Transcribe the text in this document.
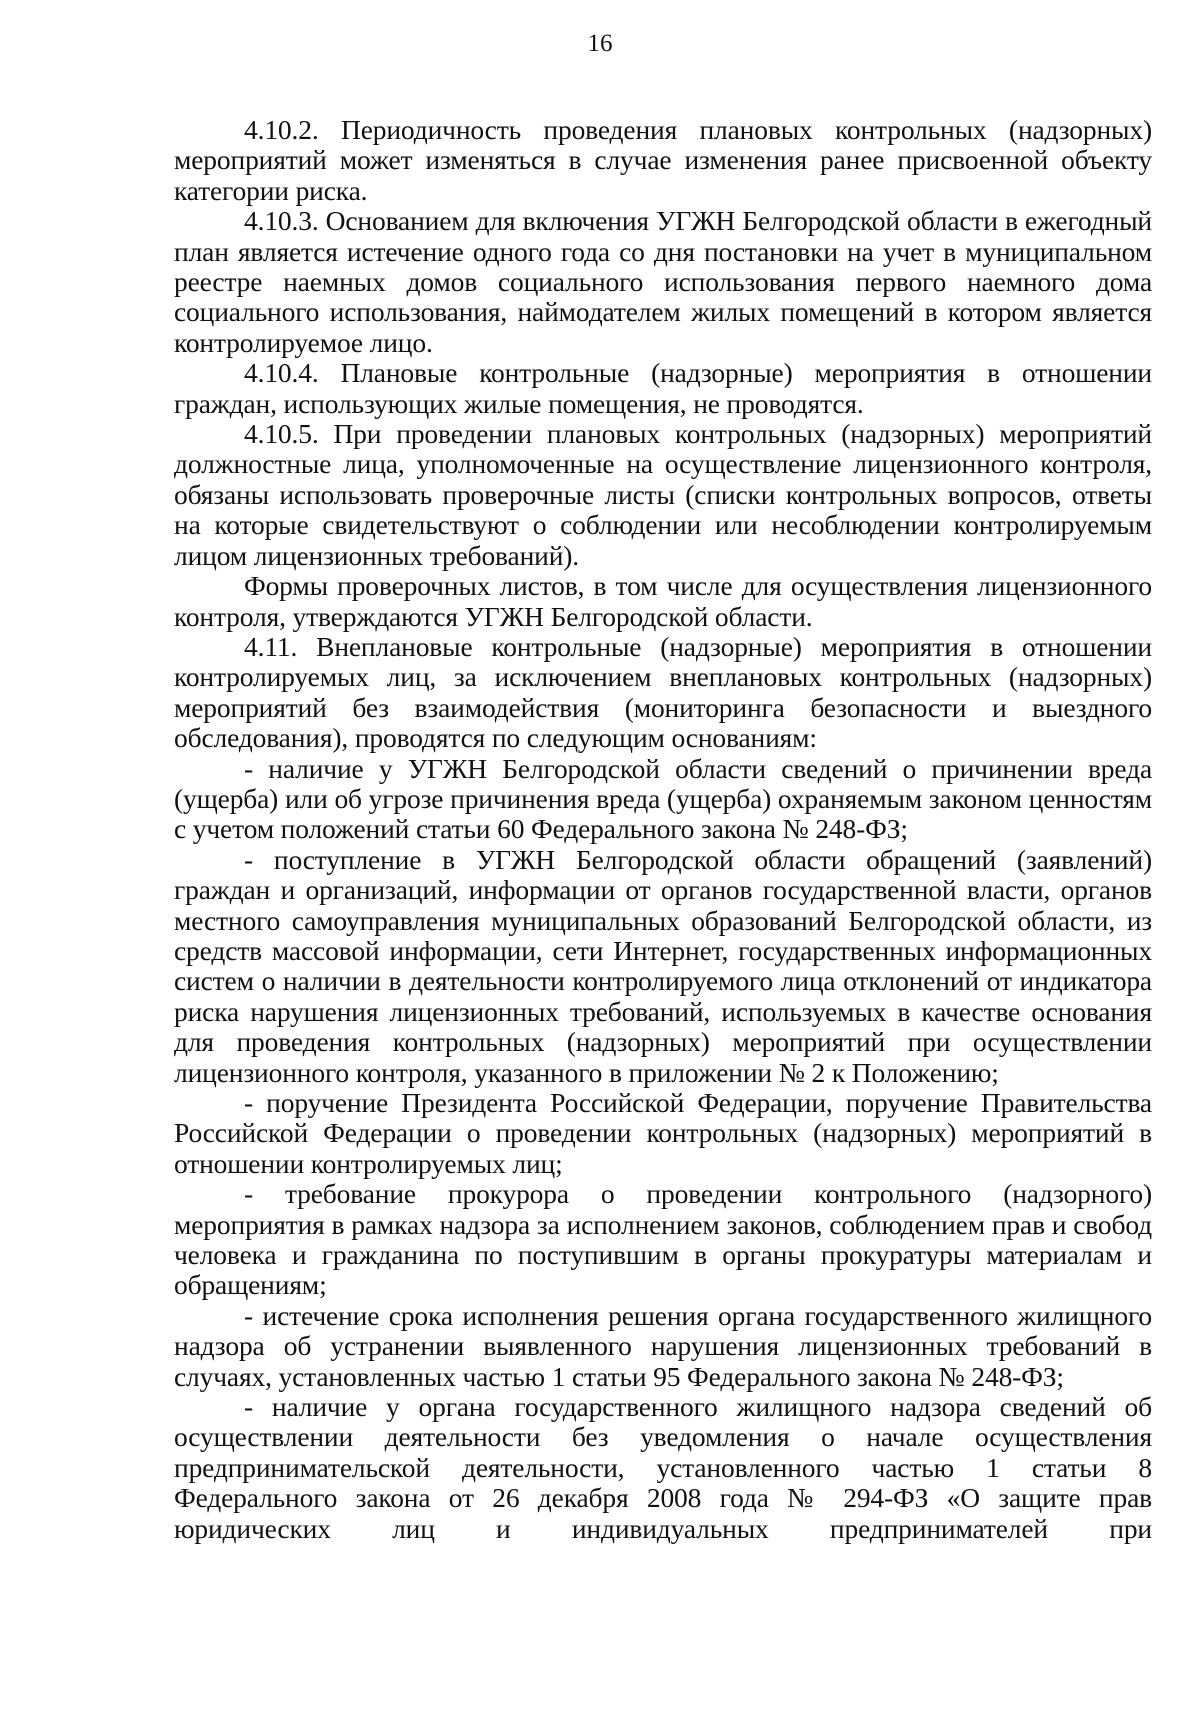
16

4.10.2. Периодичность проведения плановых контрольных (надзорных) мероприятий может изменяться в случае изменения ранее присвоенной объекту категории риска.

4.10.3. Основанием для включения УГЖН Белгородской области в ежегодный план является истечение одного года со дня постановки на учет в муниципальном реестре наемных домов социального использования первого наемного дома социального использования, наймодателем жилых помещений в котором является контролируемое лицо.

4.10.4. Плановые контрольные (надзорные) мероприятия в отношении граждан, использующих жилые помещения, не проводятся.

4.10.5. При проведении плановых контрольных (надзорных) мероприятий должностные лица, уполномоченные на осуществление лицензионного контроля, обязаны использовать проверочные листы (списки контрольных вопросов, ответы на которые свидетельствуют о соблюдении или несоблюдении контролируемым лицом лицензионных требований).

Формы проверочных листов, в том числе для осуществления лицензионного контроля, утверждаются УГЖН Белгородской области.

4.11. Внеплановые контрольные (надзорные) мероприятия в отношении контролируемых лиц, за исключением внеплановых контрольных (надзорных) мероприятий без взаимодействия (мониторинга безопасности и выездного обследования), проводятся по следующим основаниям:

- наличие у УГЖН Белгородской области сведений о причинении вреда (ущерба) или об угрозе причинения вреда (ущерба) охраняемым законом ценностям с учетом положений статьи 60 Федерального закона № 248-ФЗ;

- поступление в УГЖН Белгородской области обращений (заявлений) граждан и организаций, информации от органов государственной власти, органов местного самоуправления муниципальных образований Белгородской области, из средств массовой информации, сети Интернет, государственных информационных систем о наличии в деятельности контролируемого лица отклонений от индикатора риска нарушения лицензионных требований, используемых в качестве основания для проведения контрольных (надзорных) мероприятий при осуществлении лицензионного контроля, указанного в приложении № 2 к Положению;

- поручение Президента Российской Федерации, поручение Правительства Российской Федерации о проведении контрольных (надзорных) мероприятий в отношении контролируемых лиц;

- требование прокурора о проведении контрольного (надзорного) мероприятия в рамках надзора за исполнением законов, соблюдением прав и свобод человека и гражданина по поступившим в органы прокуратуры материалам и обращениям;

- истечение срока исполнения решения органа государственного жилищного надзора об устранении выявленного нарушения лицензионных требований в случаях, установленных частью 1 статьи 95 Федерального закона № 248-ФЗ;

- наличие у органа государственного жилищного надзора сведений об осуществлении деятельности без уведомления о начале осуществления предпринимательской деятельности, установленного частью 1 статьи 8 Федерального закона от 26 декабря 2008 года № 294-ФЗ «О защите прав юридических лиц и индивидуальных предпринимателей при
